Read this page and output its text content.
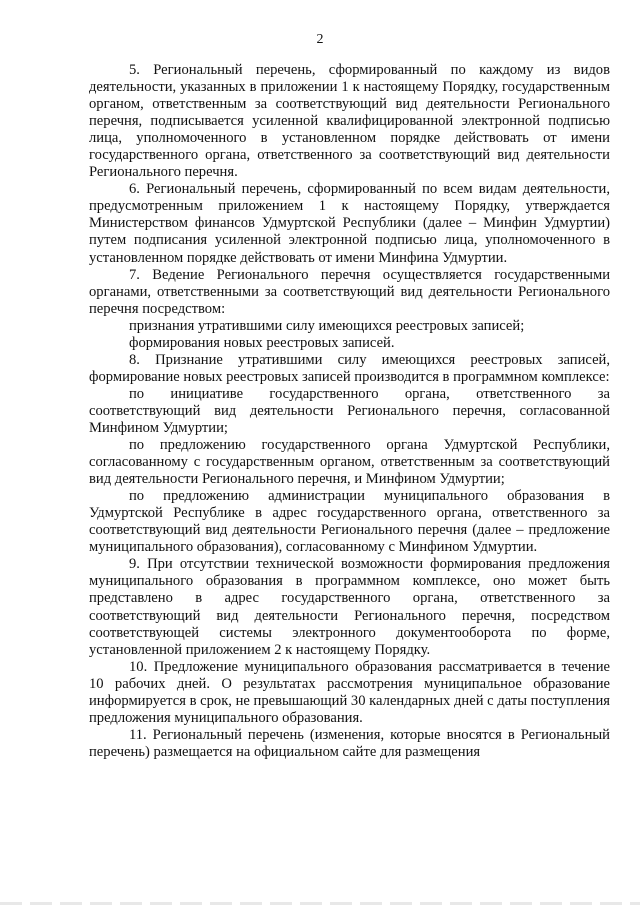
2

5. Региональный перечень, сформированный по каждому из видов деятельности, указанных в приложении 1 к настоящему Порядку, государственным органом, ответственным за соответствующий вид деятельности Регионального перечня, подписывается усиленной квалифицированной электронной подписью лица, уполномоченного в установленном порядке действовать от имени государственного органа, ответственного за соответствующий вид деятельности Регионального перечня.

6. Региональный перечень, сформированный по всем видам деятельности, предусмотренным приложением 1 к настоящему Порядку, утверждается Министерством финансов Удмуртской Республики (далее – Минфин Удмуртии) путем подписания усиленной электронной подписью лица, уполномоченного в установленном порядке действовать от имени Минфина Удмуртии.

7. Ведение Регионального перечня осуществляется государственными органами, ответственными за соответствующий вид деятельности Регионального перечня посредством:

признания утратившими силу имеющихся реестровых записей;

формирования новых реестровых записей.

8. Признание утратившими силу имеющихся реестровых записей, формирование новых реестровых записей производится в программном комплексе:

по инициативе государственного органа, ответственного за соответствующий вид деятельности Регионального перечня, согласованной Минфином Удмуртии;

по предложению государственного органа Удмуртской Республики, согласованному с государственным органом, ответственным за соответствующий вид деятельности Регионального перечня, и Минфином Удмуртии;

по предложению администрации муниципального образования в Удмуртской Республике в адрес государственного органа, ответственного за соответствующий вид деятельности Регионального перечня (далее – предложение муниципального образования), согласованному с Минфином Удмуртии.

9. При отсутствии технической возможности формирования предложения муниципального образования в программном комплексе, оно может быть представлено в адрес государственного органа, ответственного за соответствующий вид деятельности Регионального перечня, посредством соответствующей системы электронного документооборота по форме, установленной приложением 2 к настоящему Порядку.

10. Предложение муниципального образования рассматривается в течение 10 рабочих дней. О результатах рассмотрения муниципальное образование информируется в срок, не превышающий 30 календарных дней с даты поступления предложения муниципального образования.

11. Региональный перечень (изменения, которые вносятся в Региональный перечень) размещается на официальном сайте для размещения
